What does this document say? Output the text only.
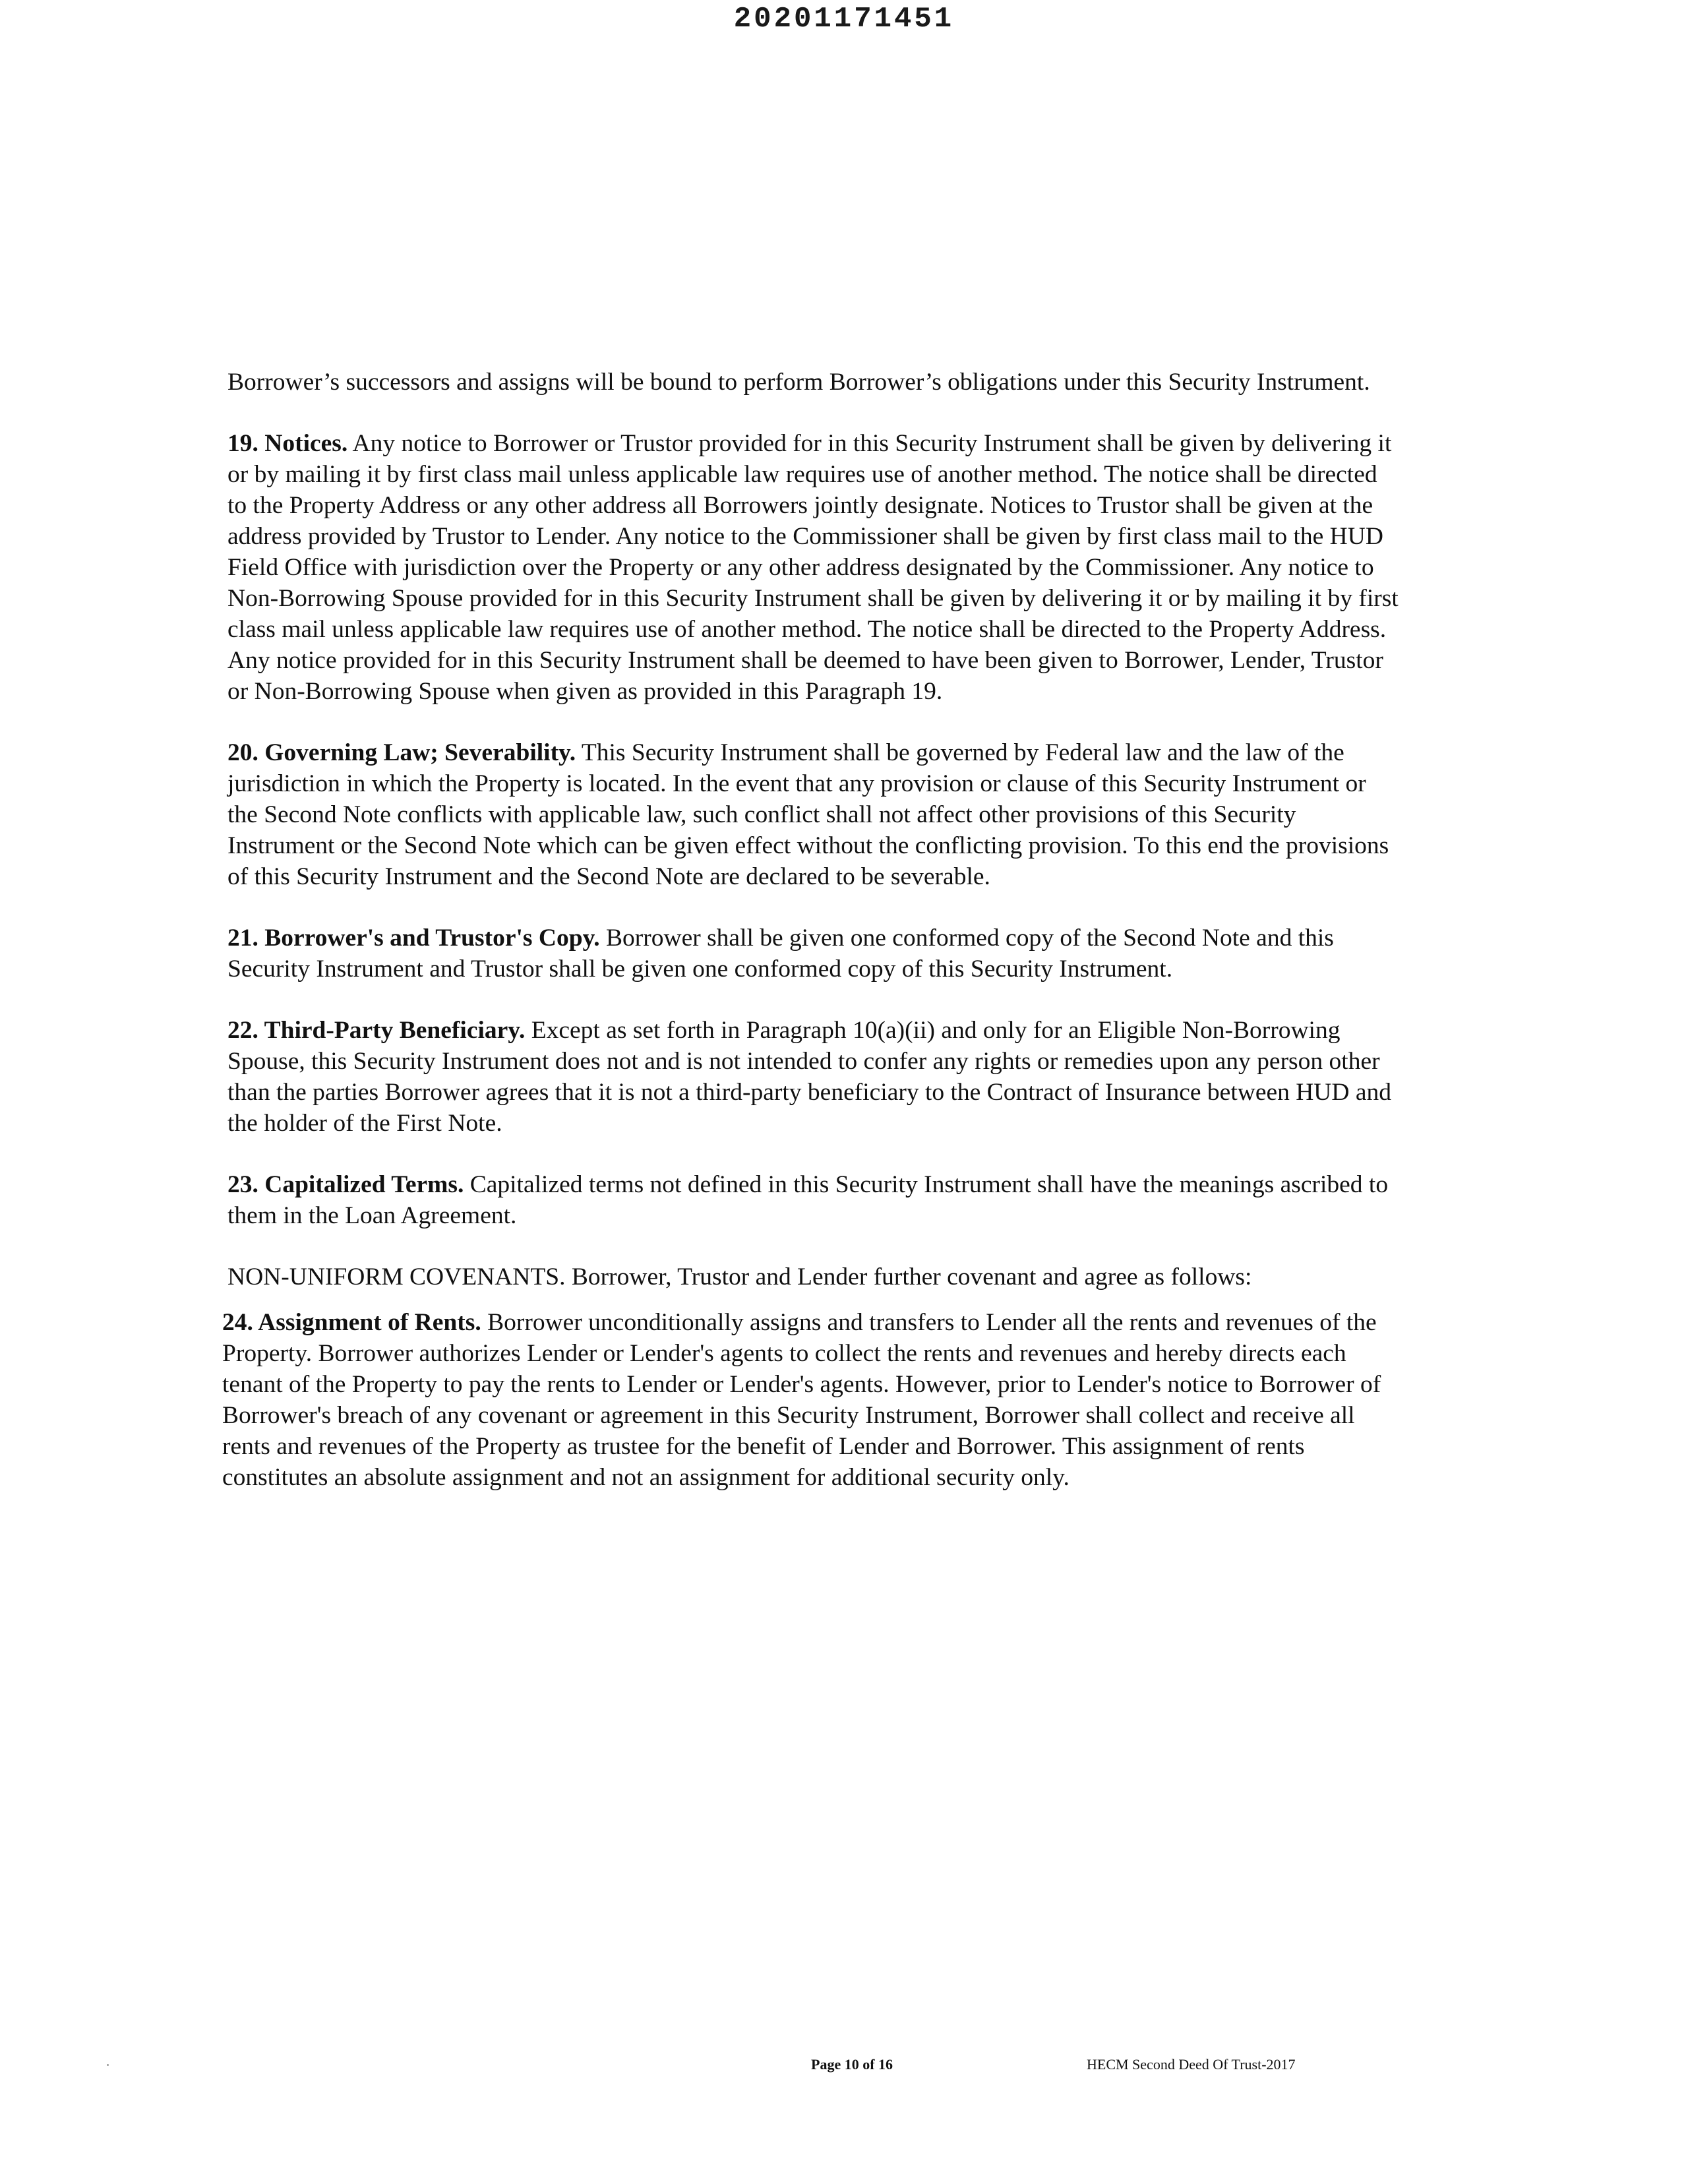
20201171451

Borrower’s successors and assigns will be bound to perform Borrower’s obligations under this Security Instrument.

19. Notices. Any notice to Borrower or Trustor provided for in this Security Instrument shall be given by delivering it or by mailing it by first class mail unless applicable law requires use of another method. The notice shall be directed to the Property Address or any other address all Borrowers jointly designate. Notices to Trustor shall be given at the address provided by Trustor to Lender. Any notice to the Commissioner shall be given by first class mail to the HUD Field Office with jurisdiction over the Property or any other address designated by the Commissioner. Any notice to Non-Borrowing Spouse provided for in this Security Instrument shall be given by delivering it or by mailing it by first class mail unless applicable law requires use of another method. The notice shall be directed to the Property Address. Any notice provided for in this Security Instrument shall be deemed to have been given to Borrower, Lender, Trustor or Non-Borrowing Spouse when given as provided in this Paragraph 19.

20. Governing Law; Severability. This Security Instrument shall be governed by Federal law and the law of the jurisdiction in which the Property is located. In the event that any provision or clause of this Security Instrument or the Second Note conflicts with applicable law, such conflict shall not affect other provisions of this Security Instrument or the Second Note which can be given effect without the conflicting provision. To this end the provisions of this Security Instrument and the Second Note are declared to be severable.

21. Borrower's and Trustor's Copy. Borrower shall be given one conformed copy of the Second Note and this Security Instrument and Trustor shall be given one conformed copy of this Security Instrument.

22. Third-Party Beneficiary. Except as set forth in Paragraph 10(a)(ii) and only for an Eligible Non-Borrowing Spouse, this Security Instrument does not and is not intended to confer any rights or remedies upon any person other than the parties Borrower agrees that it is not a third-party beneficiary to the Contract of Insurance between HUD and the holder of the First Note.

23. Capitalized Terms. Capitalized terms not defined in this Security Instrument shall have the meanings ascribed to them in the Loan Agreement.

NON-UNIFORM COVENANTS. Borrower, Trustor and Lender further covenant and agree as follows:

24. Assignment of Rents. Borrower unconditionally assigns and transfers to Lender all the rents and revenues of the Property. Borrower authorizes Lender or Lender's agents to collect the rents and revenues and hereby directs each tenant of the Property to pay the rents to Lender or Lender's agents. However, prior to Lender's notice to Borrower of Borrower's breach of any covenant or agreement in this Security Instrument, Borrower shall collect and receive all rents and revenues of the Property as trustee for the benefit of Lender and Borrower. This assignment of rents constitutes an absolute assignment and not an assignment for additional security only.

Page 10 of 16	HECM Second Deed Of Trust-2017
